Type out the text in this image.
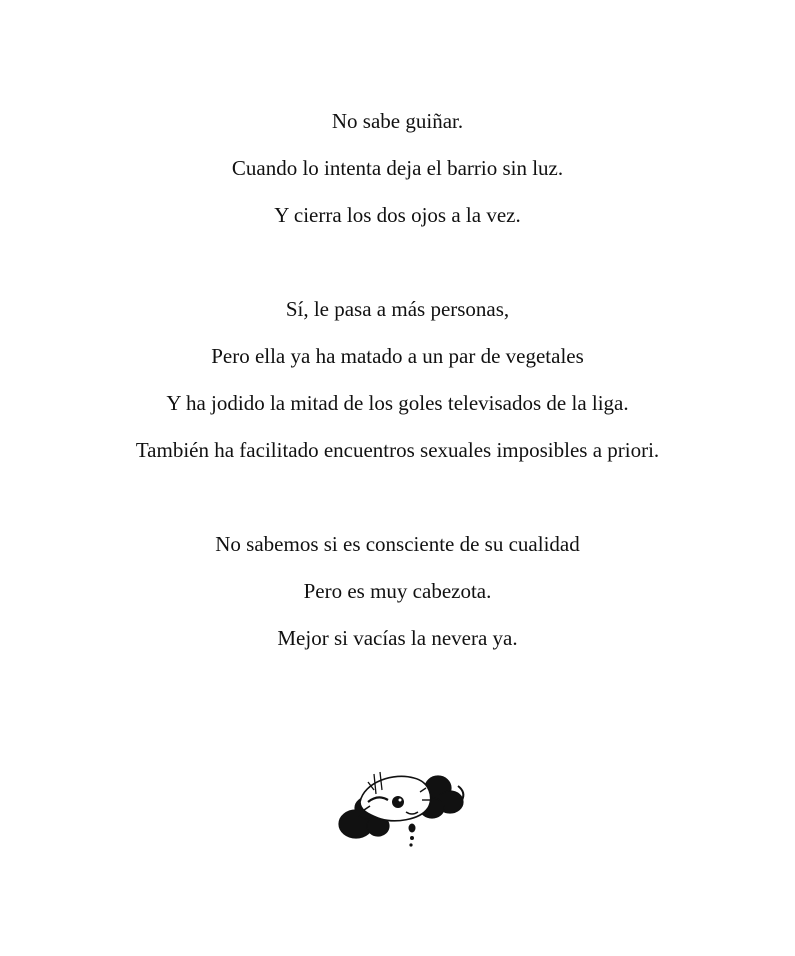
No sabe guiñar.
Cuando lo intenta deja el barrio sin luz.
Y cierra los dos ojos a la vez.

Sí, le pasa a más personas,
Pero ella ya ha matado a un par de vegetales
Y ha jodido la mitad de los goles televisados de la liga.
También ha facilitado encuentros sexuales imposibles a priori.

No sabemos si es consciente de su cualidad
Pero es muy cabezota.
Mejor si vacías la nevera ya.
